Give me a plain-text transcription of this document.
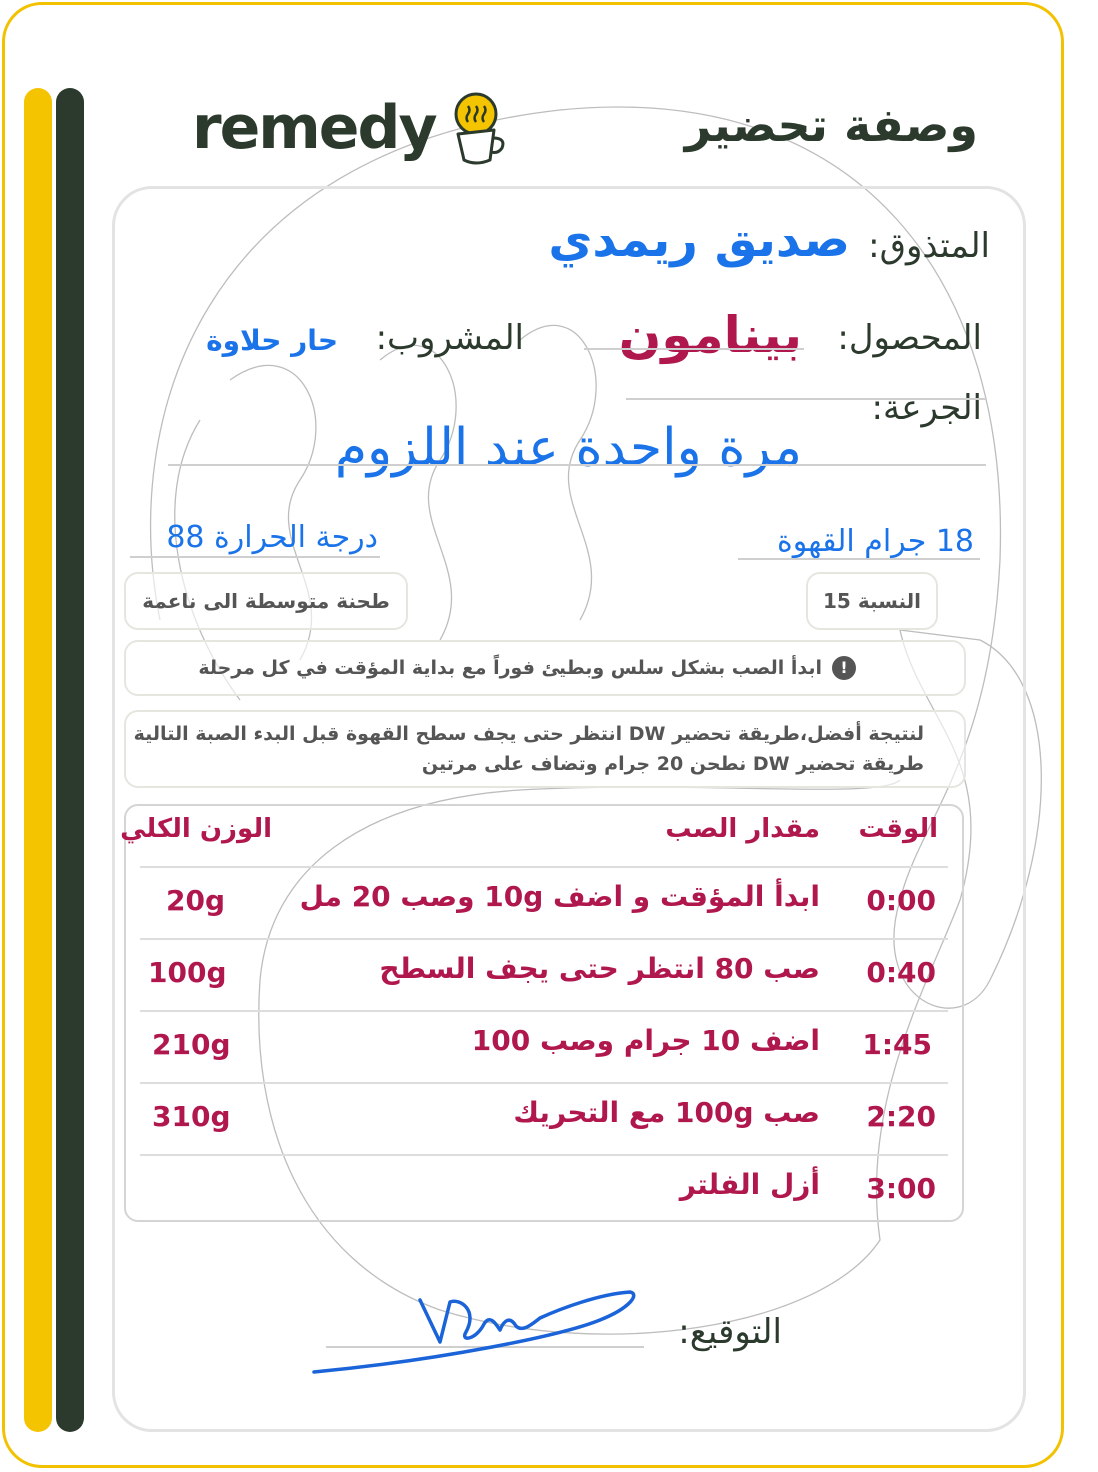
remedy	وصفة تحضير
المتذوق:
صديق ريمدي
المحصول:
بينامون
المشروب:
حار حلاوة
الجرعة:
مرة واحدة عند اللزوم
18 جرام القهوة
درجة الحرارة 88
النسبة 15
طحنة متوسطة الى ناعمة
!
ابدأ الصب بشكل سلس وبطيئ فوراً مع بداية المؤقت في كل مرحلة
لنتيجة أفضل،طريقة تحضير DW انتظر حتى يجف سطح القهوة قبل البدء الصبة التالية
طريقة تحضير DW نطحن 20 جرام وتضاف على مرتين
الوقت
مقدار الصب
الوزن الكلي
0:00
ابدأ المؤقت و اضف 10g وصب 20 مل
20g
0:40
صب 80 انتظر حتى يجف السطح
100g
1:45
اضف 10 جرام وصب 100
210g
2:20
صب 100g مع التحريك
310g
3:00
أزل الفلتر
التوقيع:
